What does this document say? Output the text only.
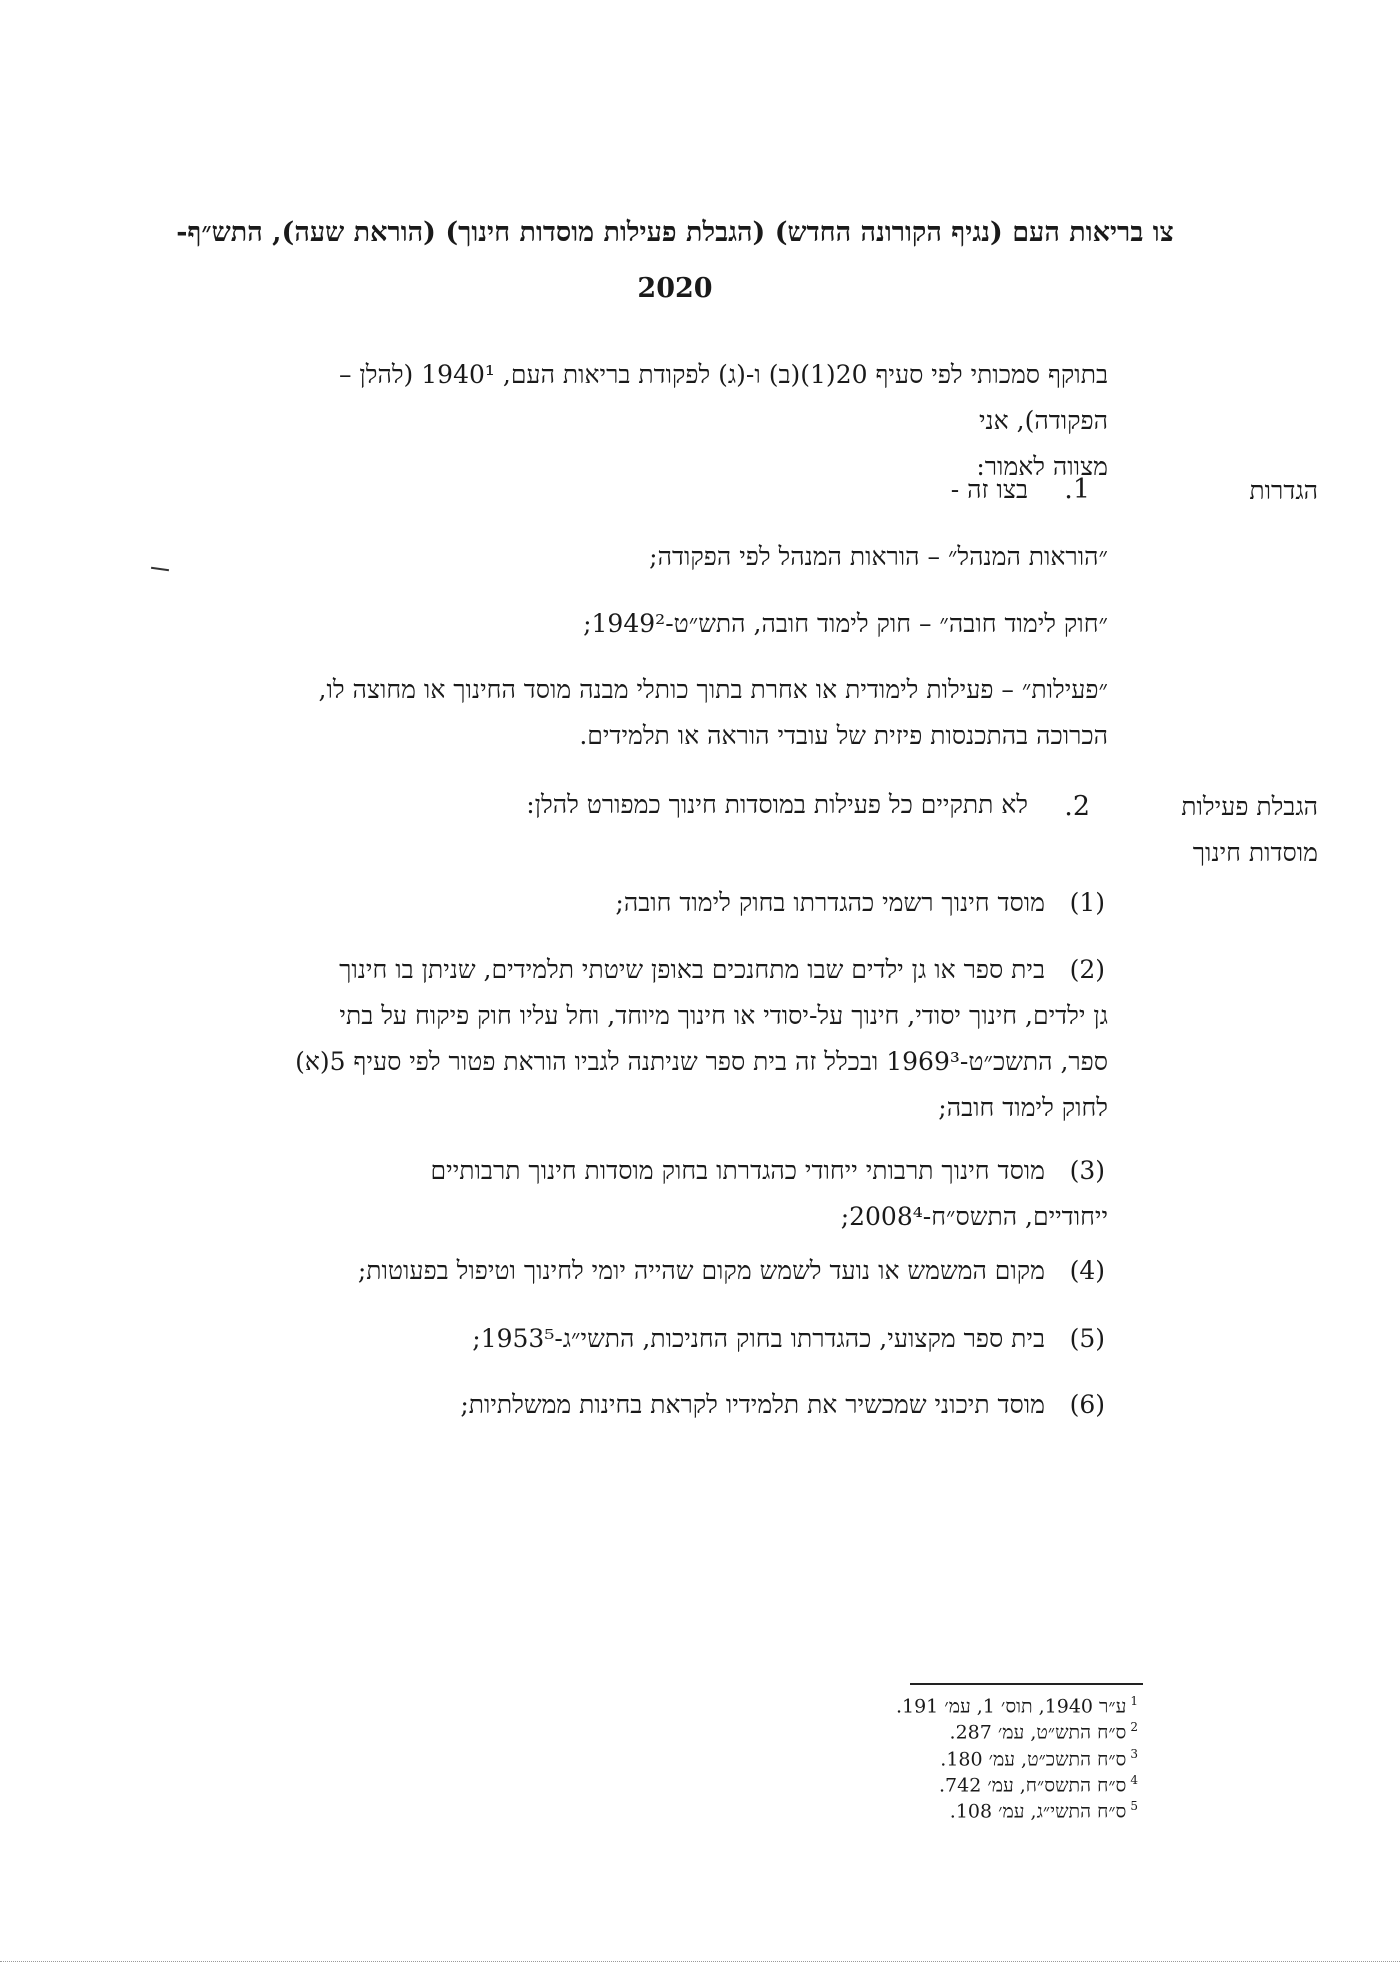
צו בריאות העם (נגיף הקורונה החדש) (הגבלת פעילות מוסדות חינוך) (הוראת שעה), התש״ף-
2020
בתוקף סמכותי לפי סעיף 20(1)(ב) ו-(ג) לפקודת בריאות העם, 1940¹ (להלן – הפקודה), אני
מצווה לאמור:
הגדרות
1.
בצו זה -
״הוראות המנהל״ – הוראות המנהל לפי הפקודה;
״חוק לימוד חובה״ – חוק לימוד חובה, התש״ט-1949²;
״פעילות״ – פעילות לימודית או אחרת בתוך כותלי מבנה מוסד החינוך או מחוצה לו,
הכרוכה בהתכנסות פיזית של עובדי הוראה או תלמידים.
הגבלת פעילות
מוסדות חינוך
2.
לא תתקיים כל פעילות במוסדות חינוך כמפורט להלן:
(1)
מוסד חינוך רשמי כהגדרתו בחוק לימוד חובה;
(2)
בית ספר או גן ילדים שבו מתחנכים באופן שיטתי תלמידים, שניתן בו חינוך
גן ילדים, חינוך יסודי, חינוך על-יסודי או חינוך מיוחד, וחל עליו חוק פיקוח על בתי
ספר, התשכ״ט-1969³ ובכלל זה בית ספר שניתנה לגביו הוראת פטור לפי סעיף 5(א)
לחוק לימוד חובה;
(3)
מוסד חינוך תרבותי ייחודי כהגדרתו בחוק מוסדות חינוך תרבותיים
ייחודיים, התשס״ח-2008⁴;
(4)
מקום המשמש או נועד לשמש מקום שהייה יומי לחינוך וטיפול בפעוטות;
(5)
בית ספר מקצועי, כהגדרתו בחוק החניכות, התשי״ג-1953⁵;
(6)
מוסד תיכוני שמכשיר את תלמידיו לקראת בחינות ממשלתיות;
$^1$ע״ר 1940, תוס׳ 1, עמ׳ 191.
$^2$ס״ח התש״ט, עמ׳ 287.
$^3$ס״ח התשכ״ט, עמ׳ 180.
$^4$ס״ח התשס״ח, עמ׳ 742.
$^5$ס״ח התשי״ג, עמ׳ 108.
